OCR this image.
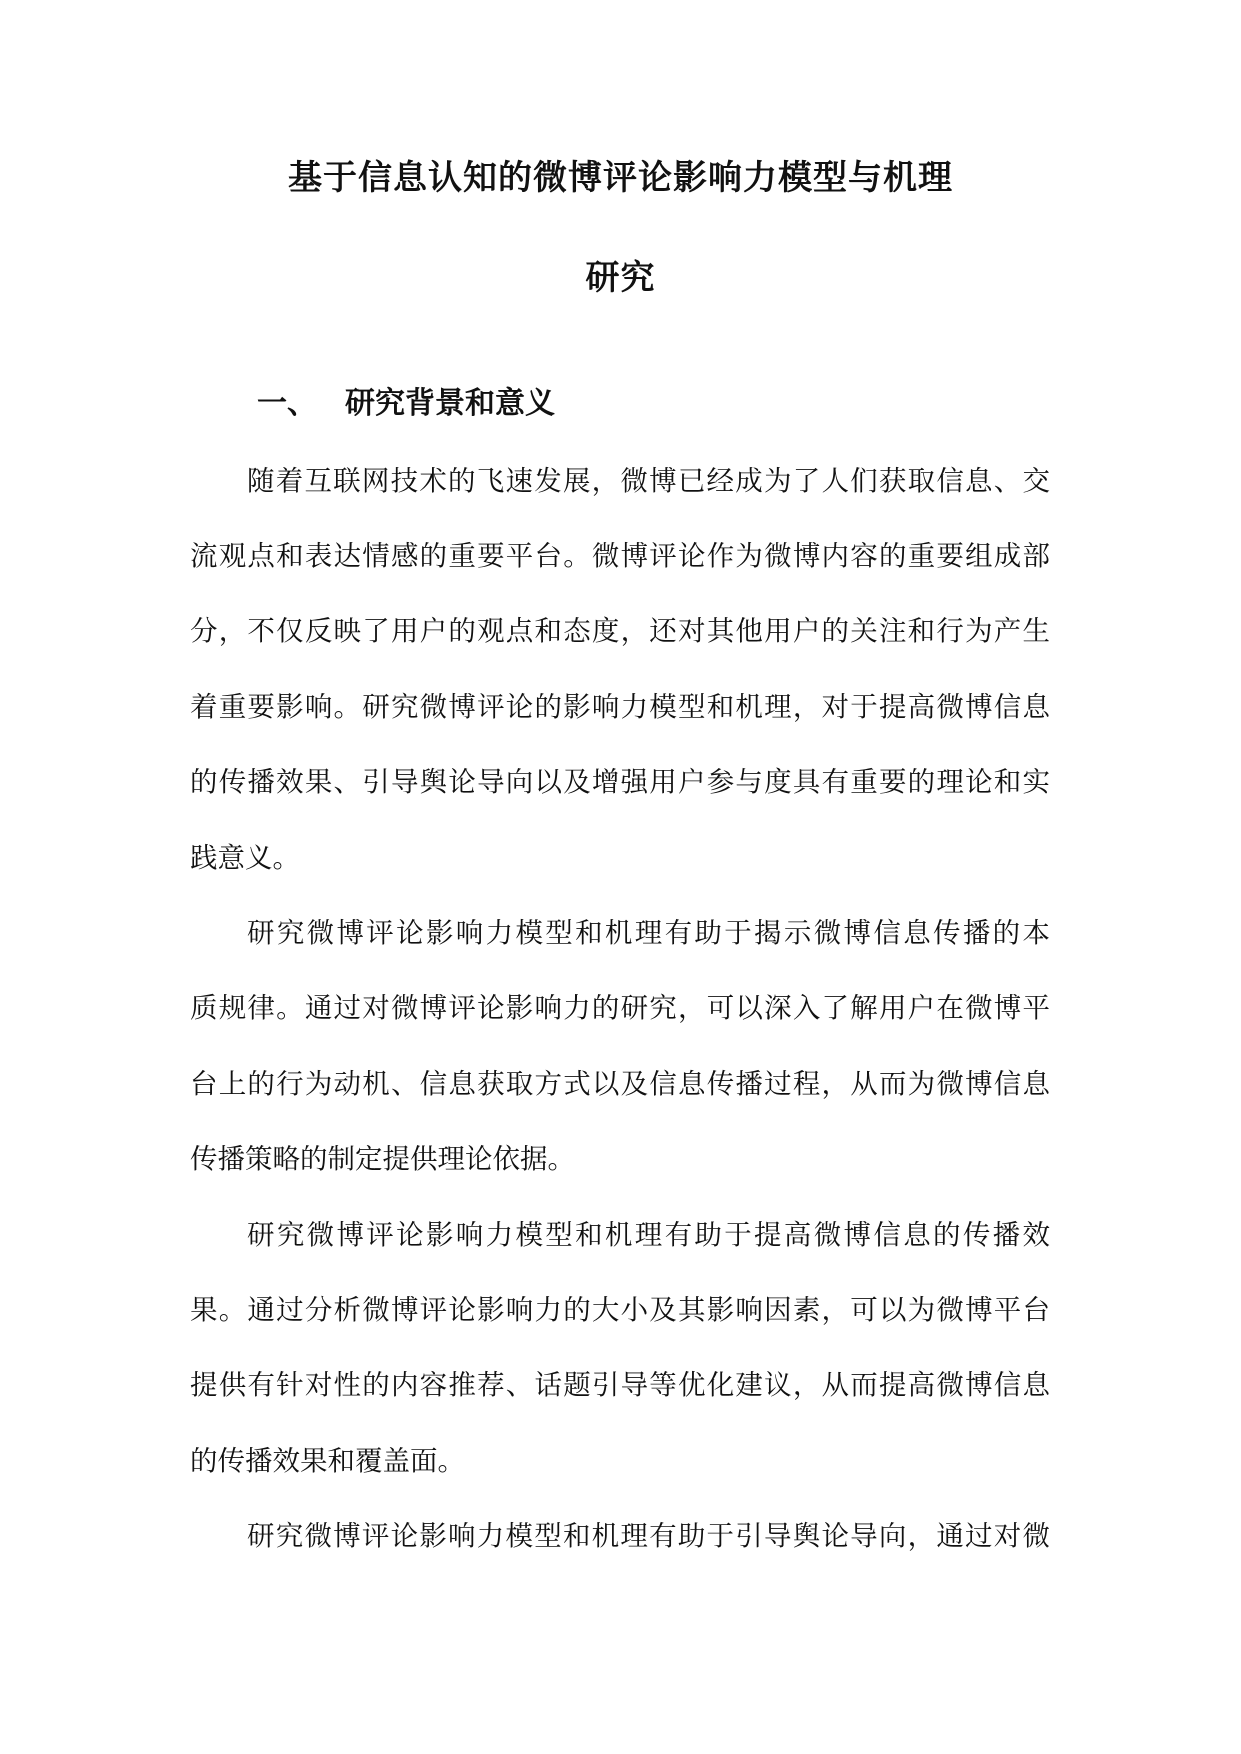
基于信息认知的微博评论影响力模型与机理
研究
一、 研究背景和意义
随着互联网技术的飞速发展，微博已经成为了人们获取信息、交
流观点和表达情感的重要平台。微博评论作为微博内容的重要组成部
分，不仅反映了用户的观点和态度，还对其他用户的关注和行为产生
着重要影响。研究微博评论的影响力模型和机理，对于提高微博信息
的传播效果、引导舆论导向以及增强用户参与度具有重要的理论和实
践意义。
研究微博评论影响力模型和机理有助于揭示微博信息传播的本
质规律。通过对微博评论影响力的研究，可以深入了解用户在微博平
台上的行为动机、信息获取方式以及信息传播过程，从而为微博信息
传播策略的制定提供理论依据。
研究微博评论影响力模型和机理有助于提高微博信息的传播效
果。通过分析微博评论影响力的大小及其影响因素，可以为微博平台
提供有针对性的内容推荐、话题引导等优化建议，从而提高微博信息
的传播效果和覆盖面。
研究微博评论影响力模型和机理有助于引导舆论导向，通过对微
